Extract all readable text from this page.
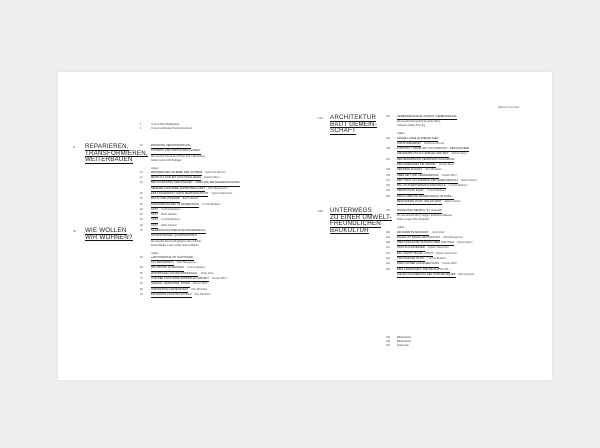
Inhaltsverzeichnis
3	Vorwort Elisa Baumgartner
4	Vorwort Architektur Forum Ostschweiz
8	REPARIEREN,
TRANSFORMIEREN,
WEITERBAUEN
10	ZWISCHEN VERANTWORTUNG,
ÄSTHETIK UND WIRTSCHAFTLICHKEIT
Im Gespräch mit Andrea Wittner Juni, Lukas Imhof,
Daniel Gretli, LINI Bollinger
Artikel
18	WEITERBAUEN AM ERBE DER SCHWEIZ Katharina Marchal
21	MEHR ALS NUR EIN SCHUTZANLIEGEN Daniela Meyer
24	DEN DIAMANTEN DESCHLEIFEN – ODER WIE DIE SANIERUNG EINES
DENKMALS EIN DORF AUFBLÜHEN LÄSST Elisa Baumgartner
28	ERST ANGEDENKT, DANN WERTGESCHÄTZT Stefanie Hauenstein
32	MUTIG UND VISIONÄR Rahel Lämmler
36	EXPERIMENTIEREN IM BAUBESTAND Corinna Rindauer
40	XXXX Corinna Rindauer
42	XXXX Rahel Lämmler
44	XXXX Corinna Rindauer
46	XXXX Rahel Lämmler
50	WIE WOLLEN
WIR WOHNEN?
52	GEMEINSCHAFTSBILDUNG WAGEMARGAL,
SCHAFFHAUSEN, QUARTIERSTREIT
Im Gespräch mit Irad Doppingler, Vera Schöbin,
Roland Müller, Lukas Somm, Rahel Lämmler
Artikel
60	»ARCHITEKTUR IST NÄCHTIGER,
ALS MAN DENKT« Elisa Baumgartner
64	WIE WEITER IM WOHNEN Corinna Rindauer
68	WOHNRINGEL AM INDUSTRIEKANAL Ulrike Dark
72	VOM DER HAUS ODER SCHERN IM GARTEN? Thomas Mörtl
76	GEWAGT, GEWAGTER, STAND Thomas Mörtl
80	INSPIRATION GARTENSTADT Nele Hickmann
84	EFFIZIENTE PLANUNG IM HOLZ Nele Hickmann
124	ARCHITEKTUR
BAUT GEMEIN-
SCHAFT
126	GEMEINDEKANZLEI UPNÄCH, GEMEINDESAAL
Im Gespräch mit Sacht Ratti, Aline Derry,
Armando Scitelli, Fra Ling
Artikel
134	GRÜNE LUNGE IM EHEMALIGEN
INDUSTRIEGEBIET Katharina Marchal
138	KUPPINNI, TURMPLATZ, KULTURPLATZ – DER DAVOSER
ARKADENPLATZ ALS SPIEGEL DER ZEIT Daniela Meyer
142	DER BELIEBTESTE VERANSTALTUNGSRAUM
DER GEMEINDE? DIE KIRCHE! Daniela Meyer
146	SENSIBLE FÜGUNG Nele Hickmann
150	ÜBER ZEIT UND VERÄNDERUNG Thomas Mörtl
154	DER TISCH ALS SINNBILD DER GEMEINSCHAFT Rahel Lämmler
158	BAU ZU AKZEPTIEREN IN DER MOLLE Corinna Rindauer
162	VERSPÄTUNG EGAL! Corinna Rindauer
166	ERFOLGREICHE RAUMPLANUNG IM DORF –
BESCHEIDEN ZIGST, WIE ES GEHT Rahel Lämmler
188	UNTERWEGS
ZU EINER UMWELT-
FREUNDLICHEN
BAUKULTUR
190	WEIDEUSSE-NEUBAU, ST. GALLEN
Im Gespräch mit Harry Gugger, Katharina Lehmann,
Benno Grippa, Peter Dransfeld
Artikel
198	EIN DEBATTE MANIFEST Jenny Keller
204	BAUEN IST BAUEN NACHHALTIG? Elisa Baumgartner
208	ZWEI UMGLECHE SCHULHÄUSER AUS HOLZ Daniela Meyer
212	HOLZ ALS AUFBAUER Stefanie Hauenstein
216	BAU STECHT BAUM – HOCH Stefanie Hauenstein
220	TROUVAILLEN IM TAL Corinna Rindauer
224	ZWEI HÄUSER AUS EINEM GUSS Thomas Mörtl
228	EINE LANDSCHAFT, DIE NIE FERTIG IST –
DIE REVITALISIERUNG DER HANS BEI BEVER Rahel Lämmler
246	Bildnachweis
248	Bildnachweis
256	Impressum
